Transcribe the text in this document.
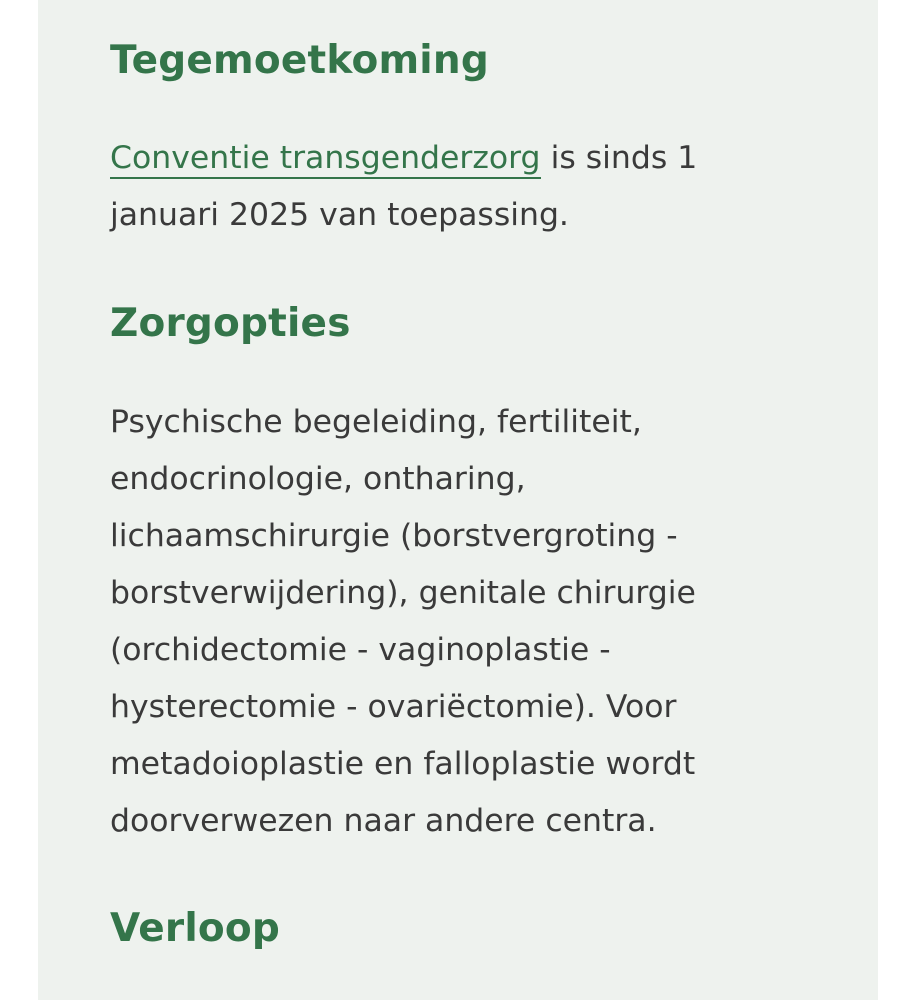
Tegemoetkoming

Conventie transgenderzorg is sinds 1 januari 2025 van toepassing.

Zorgopties

Psychische begeleiding, fertiliteit, endocrinologie, ontharing, lichaamschirurgie (borstvergroting - borstverwijdering), genitale chirurgie (orchidectomie - vaginoplastie - hysterectomie - ovariëctomie). Voor metadoioplastie en falloplastie wordt doorverwezen naar andere centra.

Verloop
